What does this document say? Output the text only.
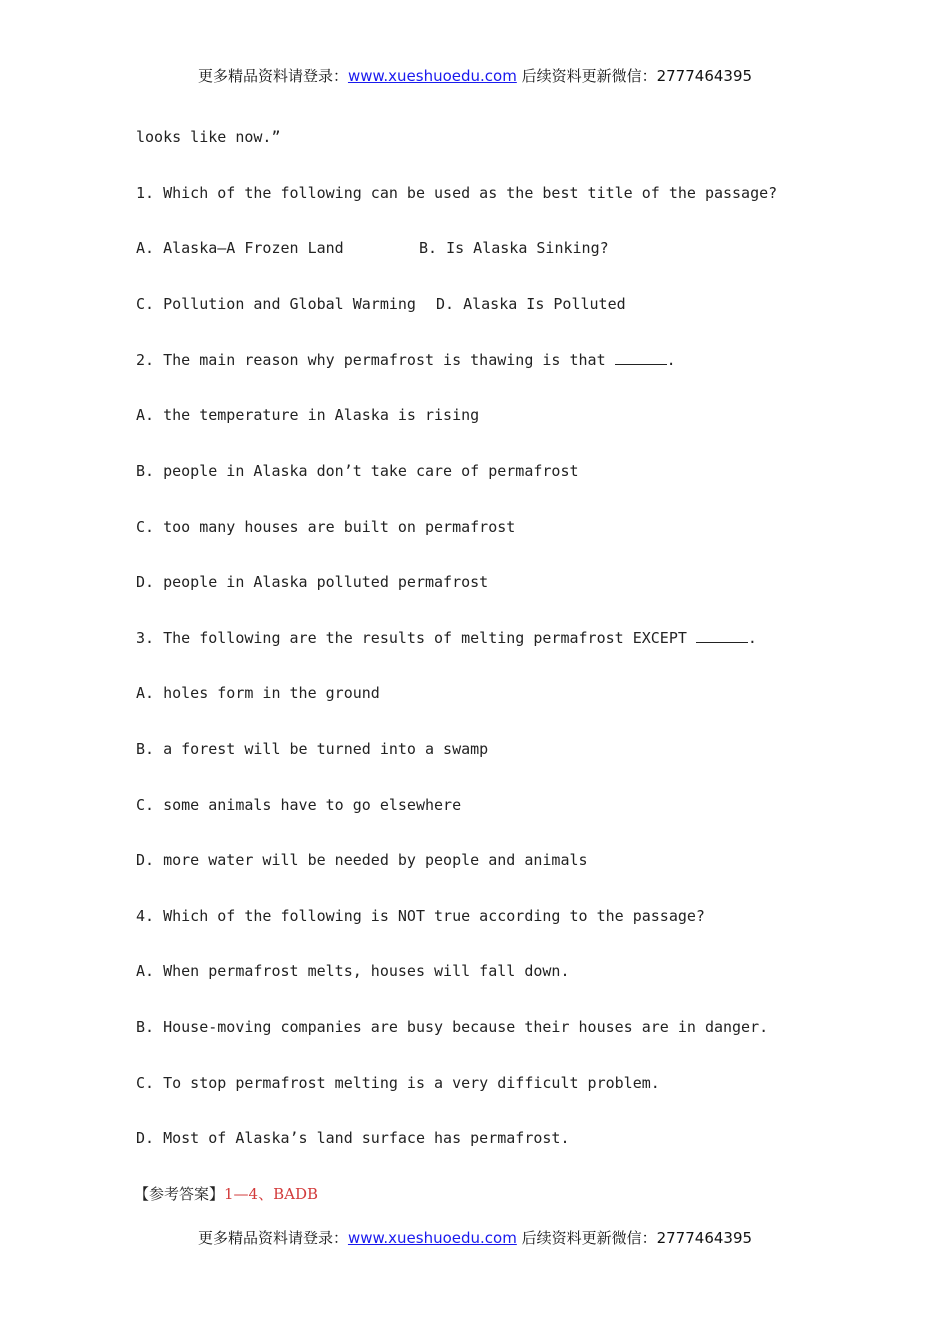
更多精品资料请登录：www.xueshuoedu.com 后续资料更新微信：2777464395
looks like now.”
1. Which of the following can be used as the best title of the passage?
A. Alaska—A Frozen Land	B. Is Alaska Sinking?
C. Pollution and Global Warming D. Alaska Is Polluted
2. The main reason why permafrost is thawing is that	.
A. the temperature in Alaska is rising
B. people in Alaska don’t take care of permafrost
C. too many houses are built on permafrost
D. people in Alaska polluted permafrost
3. The following are the results of melting permafrost EXCEPT	.
A. holes form in the ground
B. a forest will be turned into a swamp
C. some animals have to go elsewhere
D. more water will be needed by people and animals
4. Which of the following is NOT true according to the passage?
A. When permafrost melts, houses will fall down.
B. House-moving companies are busy because their houses are in danger.
C. To stop permafrost melting is a very difficult problem.
D. Most of Alaska’s land surface has permafrost.
【参考答案】1—4、BADB
更多精品资料请登录：www.xueshuoedu.com 后续资料更新微信：2777464395
